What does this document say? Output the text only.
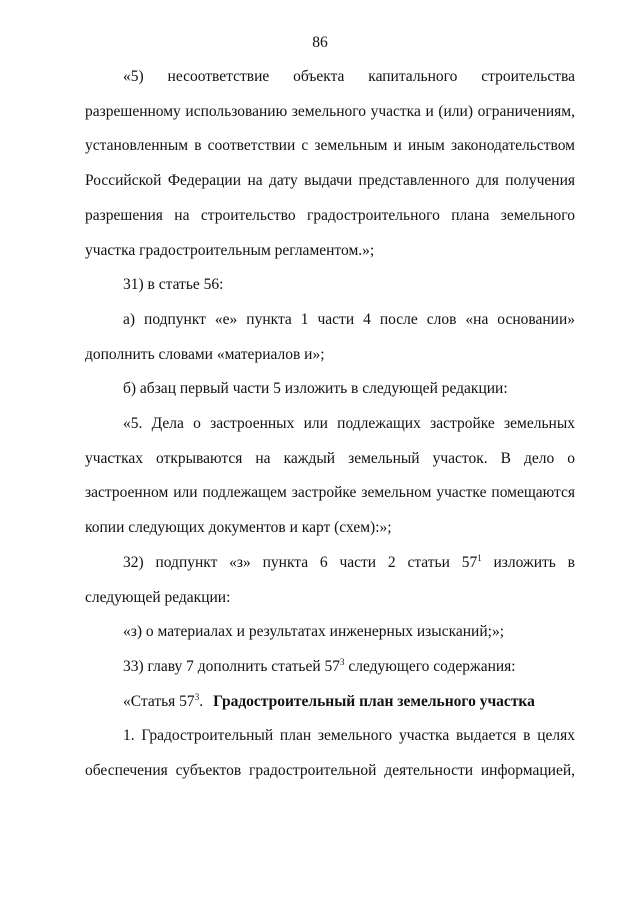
86

«5) несоответствие объекта капитального строительства разрешенному использованию земельного участка и (или) ограничениям, установленным в соответствии с земельным и иным законодательством Российской Федерации на дату выдачи представленного для получения разрешения на строительство градостроительного плана земельного участка градостроительным регламентом.»;

31) в статье 56:

а) подпункт «е» пункта 1 части 4 после слов «на основании» дополнить словами «материалов и»;

б) абзац первый части 5 изложить в следующей редакции:

«5. Дела о застроенных или подлежащих застройке земельных участках открываются на каждый земельный участок. В дело о застроенном или подлежащем застройке земельном участке помещаются копии следующих документов и карт (схем):»;

32) подпункт «з» пункта 6 части 2 статьи $57^1$ изложить в следующей редакции:

«з) о материалах и результатах инженерных изысканий;»;

33) главу 7 дополнить статьей $57^3$ следующего содержания:

«Статья $57^3$. Градостроительный план земельного участка

1. Градостроительный план земельного участка выдается в целях обеспечения субъектов градостроительной деятельности информацией,
